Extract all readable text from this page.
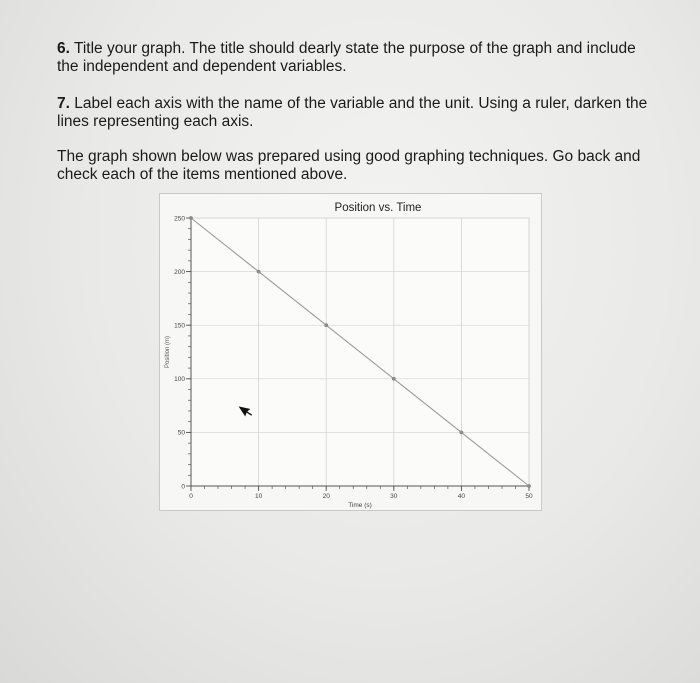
6. Title your graph. The title should dearly state the purpose of the graph and include the independent and dependent variables.

7. Label each axis with the name of the variable and the unit. Using a ruler, darken the lines representing each axis.

The graph shown below was prepared using good graphing techniques. Go back and check each of the items mentioned above.

0	10	20	30	40	50
0
50
100
150
200
250
Position vs. Time
Time (s)
Position (m)
